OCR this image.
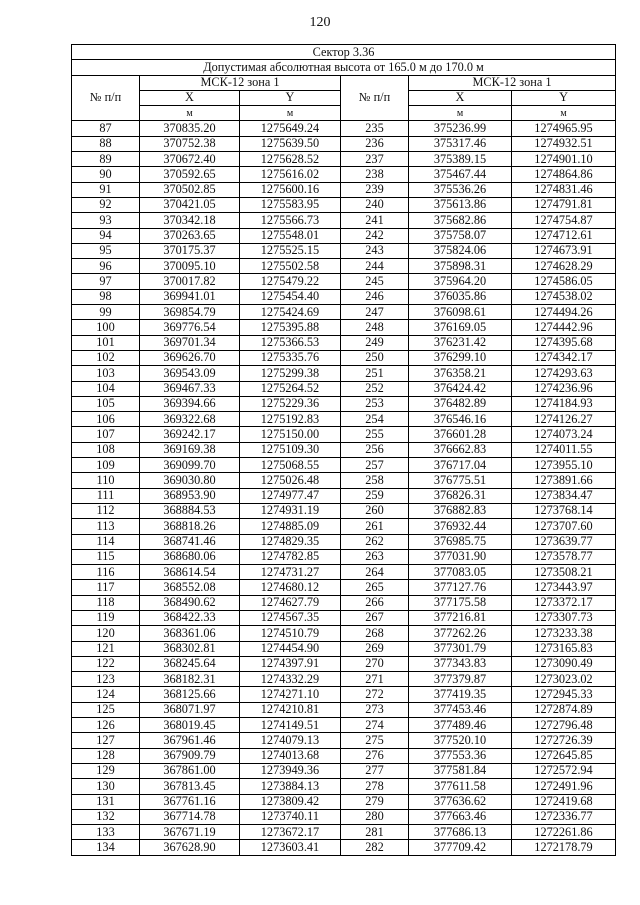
120
Сектор 3.36					
Допустимая абсолютная высота от 165.0 м до 170.0 м					
№ п/п	МСК-12 зона 1		№ п/п	МСК-12 зона 1	
	X	Y		X	Y
	м	м		м	м
87	370835.20	1275649.24	235	375236.99	1274965.95
88	370752.38	1275639.50	236	375317.46	1274932.51
89	370672.40	1275628.52	237	375389.15	1274901.10
90	370592.65	1275616.02	238	375467.44	1274864.86
91	370502.85	1275600.16	239	375536.26	1274831.46
92	370421.05	1275583.95	240	375613.86	1274791.81
93	370342.18	1275566.73	241	375682.86	1274754.87
94	370263.65	1275548.01	242	375758.07	1274712.61
95	370175.37	1275525.15	243	375824.06	1274673.91
96	370095.10	1275502.58	244	375898.31	1274628.29
97	370017.82	1275479.22	245	375964.20	1274586.05
98	369941.01	1275454.40	246	376035.86	1274538.02
99	369854.79	1275424.69	247	376098.61	1274494.26
100	369776.54	1275395.88	248	376169.05	1274442.96
101	369701.34	1275366.53	249	376231.42	1274395.68
102	369626.70	1275335.76	250	376299.10	1274342.17
103	369543.09	1275299.38	251	376358.21	1274293.63
104	369467.33	1275264.52	252	376424.42	1274236.96
105	369394.66	1275229.36	253	376482.89	1274184.93
106	369322.68	1275192.83	254	376546.16	1274126.27
107	369242.17	1275150.00	255	376601.28	1274073.24
108	369169.38	1275109.30	256	376662.83	1274011.55
109	369099.70	1275068.55	257	376717.04	1273955.10
110	369030.80	1275026.48	258	376775.51	1273891.66
111	368953.90	1274977.47	259	376826.31	1273834.47
112	368884.53	1274931.19	260	376882.83	1273768.14
113	368818.26	1274885.09	261	376932.44	1273707.60
114	368741.46	1274829.35	262	376985.75	1273639.77
115	368680.06	1274782.85	263	377031.90	1273578.77
116	368614.54	1274731.27	264	377083.05	1273508.21
117	368552.08	1274680.12	265	377127.76	1273443.97
118	368490.62	1274627.79	266	377175.58	1273372.17
119	368422.33	1274567.35	267	377216.81	1273307.73
120	368361.06	1274510.79	268	377262.26	1273233.38
121	368302.81	1274454.90	269	377301.79	1273165.83
122	368245.64	1274397.91	270	377343.83	1273090.49
123	368182.31	1274332.29	271	377379.87	1273023.02
124	368125.66	1274271.10	272	377419.35	1272945.33
125	368071.97	1274210.81	273	377453.46	1272874.89
126	368019.45	1274149.51	274	377489.46	1272796.48
127	367961.46	1274079.13	275	377520.10	1272726.39
128	367909.79	1274013.68	276	377553.36	1272645.85
129	367861.00	1273949.36	277	377581.84	1272572.94
130	367813.45	1273884.13	278	377611.58	1272491.96
131	367761.16	1273809.42	279	377636.62	1272419.68
132	367714.78	1273740.11	280	377663.46	1272336.77
133	367671.19	1273672.17	281	377686.13	1272261.86
134	367628.90	1273603.41	282	377709.42	1272178.79
